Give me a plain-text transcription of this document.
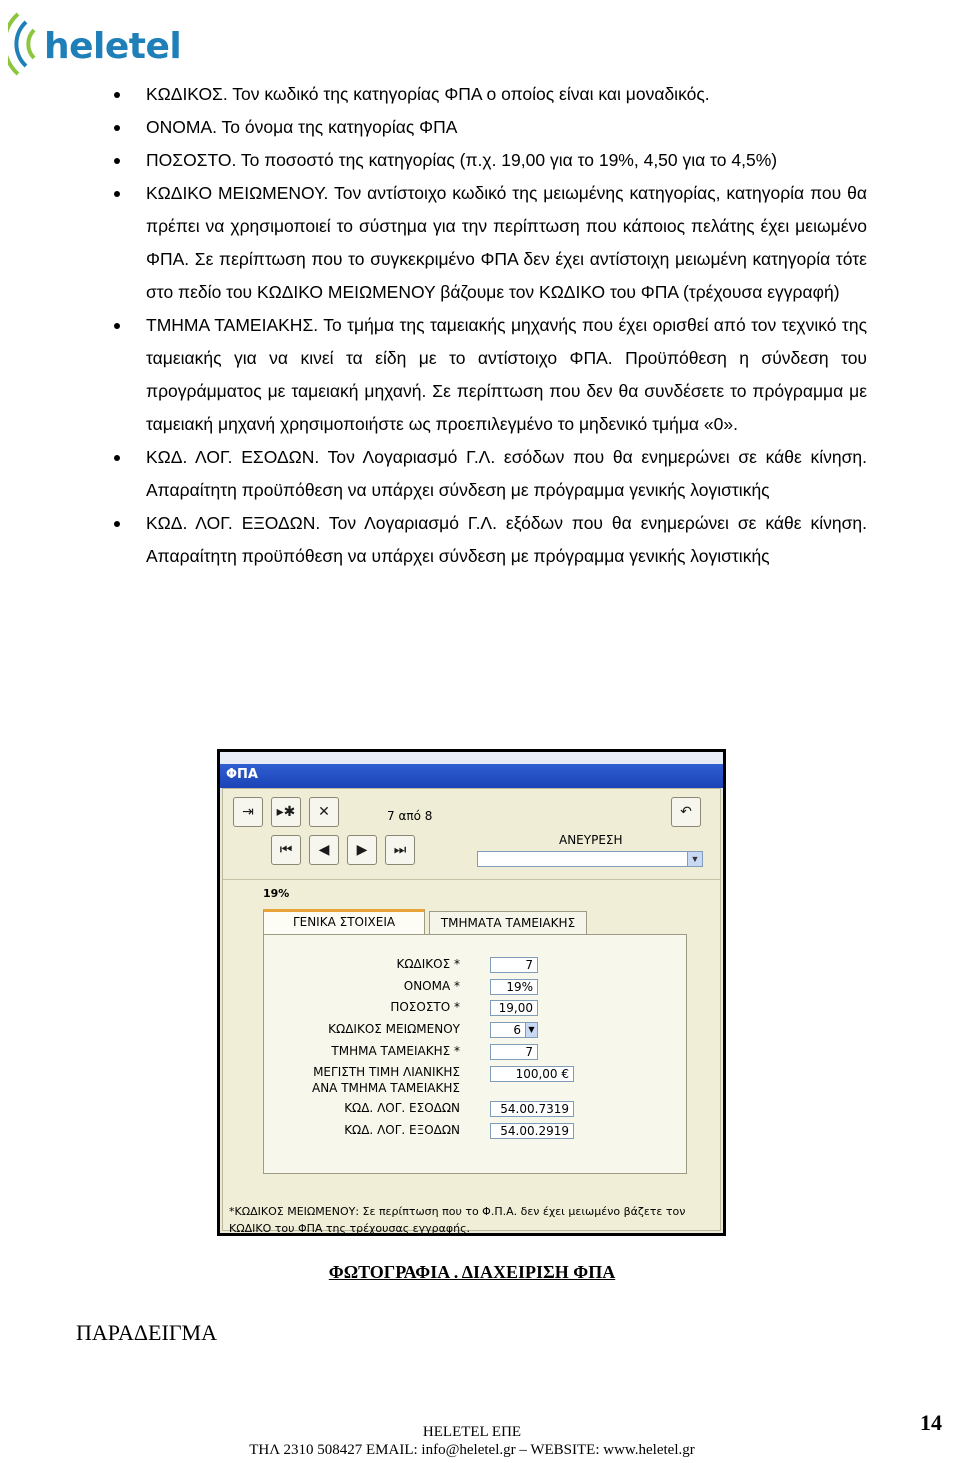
heletel
ΚΩΔΙΚΟΣ. Τον κωδικό της κατηγορίας ΦΠΑ ο οποίος είναι και μοναδικός.
ΟΝΟΜΑ. Το όνομα της κατηγορίας ΦΠΑ
ΠΟΣΟΣΤΟ. Το ποσοστό της κατηγορίας (π.χ. 19,00 για το 19%, 4,50 για το 4,5%)
ΚΩΔΙΚΟ ΜΕΙΩΜΕΝΟΥ. Τον αντίστοιχο κωδικό της μειωμένης κατηγορίας, κατηγορία που θα πρέπει να χρησιμοποιεί το σύστημα για την περίπτωση που κάποιος πελάτης έχει μειωμένο ΦΠΑ. Σε περίπτωση που το συγκεκριμένο ΦΠΑ δεν έχει αντίστοιχη μειωμένη κατηγορία τότε στο πεδίο του ΚΩΔΙΚΟ ΜΕΙΩΜΕΝΟΥ βάζουμε τον ΚΩΔΙΚΟ του ΦΠΑ (τρέχουσα εγγραφή)
ΤΜΗΜΑ ΤΑΜΕΙΑΚΗΣ. Το τμήμα της ταμειακής μηχανής που έχει ορισθεί από τον τεχνικό της ταμειακής για να κινεί τα είδη με το αντίστοιχο ΦΠΑ. Προϋπόθεση η σύνδεση του προγράμματος με ταμειακή μηχανή. Σε περίπτωση που δεν θα συνδέσετε το πρόγραμμα με ταμειακή μηχανή χρησιμοποιήστε ως προεπιλεγμένο το μηδενικό τμήμα «0».
ΚΩΔ. ΛΟΓ. ΕΣΟΔΩΝ. Τον Λογαριασμό Γ.Λ. εσόδων που θα ενημερώνει σε κάθε κίνηση. Απαραίτητη προϋπόθεση να υπάρχει σύνδεση με πρόγραμμα γενικής λογιστικής
ΚΩΔ. ΛΟΓ. ΕΞΟΔΩΝ. Τον Λογαριασμό Γ.Λ. εξόδων που θα ενημερώνει σε κάθε κίνηση. Απαραίτητη προϋπόθεση να υπάρχει σύνδεση με πρόγραμμα γενικής λογιστικής
ΦΠΑ
⇥ ▸✱ ✕	↶
7 από 8
⏮ ◀ ▶ ⏭
ΑΝΕΥΡΕΣΗ
▼
19%
ΓΕΝΙΚΑ ΣΤΟΙΧΕΙΑ	ΤΜΗΜΑΤΑ ΤΑΜΕΙΑΚΗΣ
ΚΩΔΙΚΟΣ *	7
ΟΝΟΜΑ *	19%
ΠΟΣΟΣΤΟ *	19,00
ΚΩΔΙΚΟΣ ΜΕΙΩΜΕΝΟΥ	6 ▼
ΤΜΗΜΑ ΤΑΜΕΙΑΚΗΣ *	7
ΜΕΓΙΣΤΗ ΤΙΜΗ ΛΙΑΝΙΚΗΣ
ΑΝΑ ΤΜΗΜΑ ΤΑΜΕΙΑΚΗΣ
100,00 €
ΚΩΔ. ΛΟΓ. ΕΣΟΔΩΝ	54.00.7319
ΚΩΔ. ΛΟΓ. ΕΞΟΔΩΝ	54.00.2919
*ΚΩΔΙΚΟΣ ΜΕΙΩΜΕΝΟΥ: Σε περίπτωση που το Φ.Π.Α. δεν έχει μειωμένο βάζετε τον ΚΩΔΙΚΟ του ΦΠΑ της τρέχουσας εγγραφής.
ΦΩΤΟΓΡΑΦΙΑ . ΔΙΑΧΕΙΡΙΣΗ ΦΠΑ
ΠΑΡΑΔΕΙΓΜΑ
HELETEL ΕΠΕ
ΤΗΛ 2310 508427 EMAIL: info@heletel.gr – WEBSITE: www.heletel.gr
14
